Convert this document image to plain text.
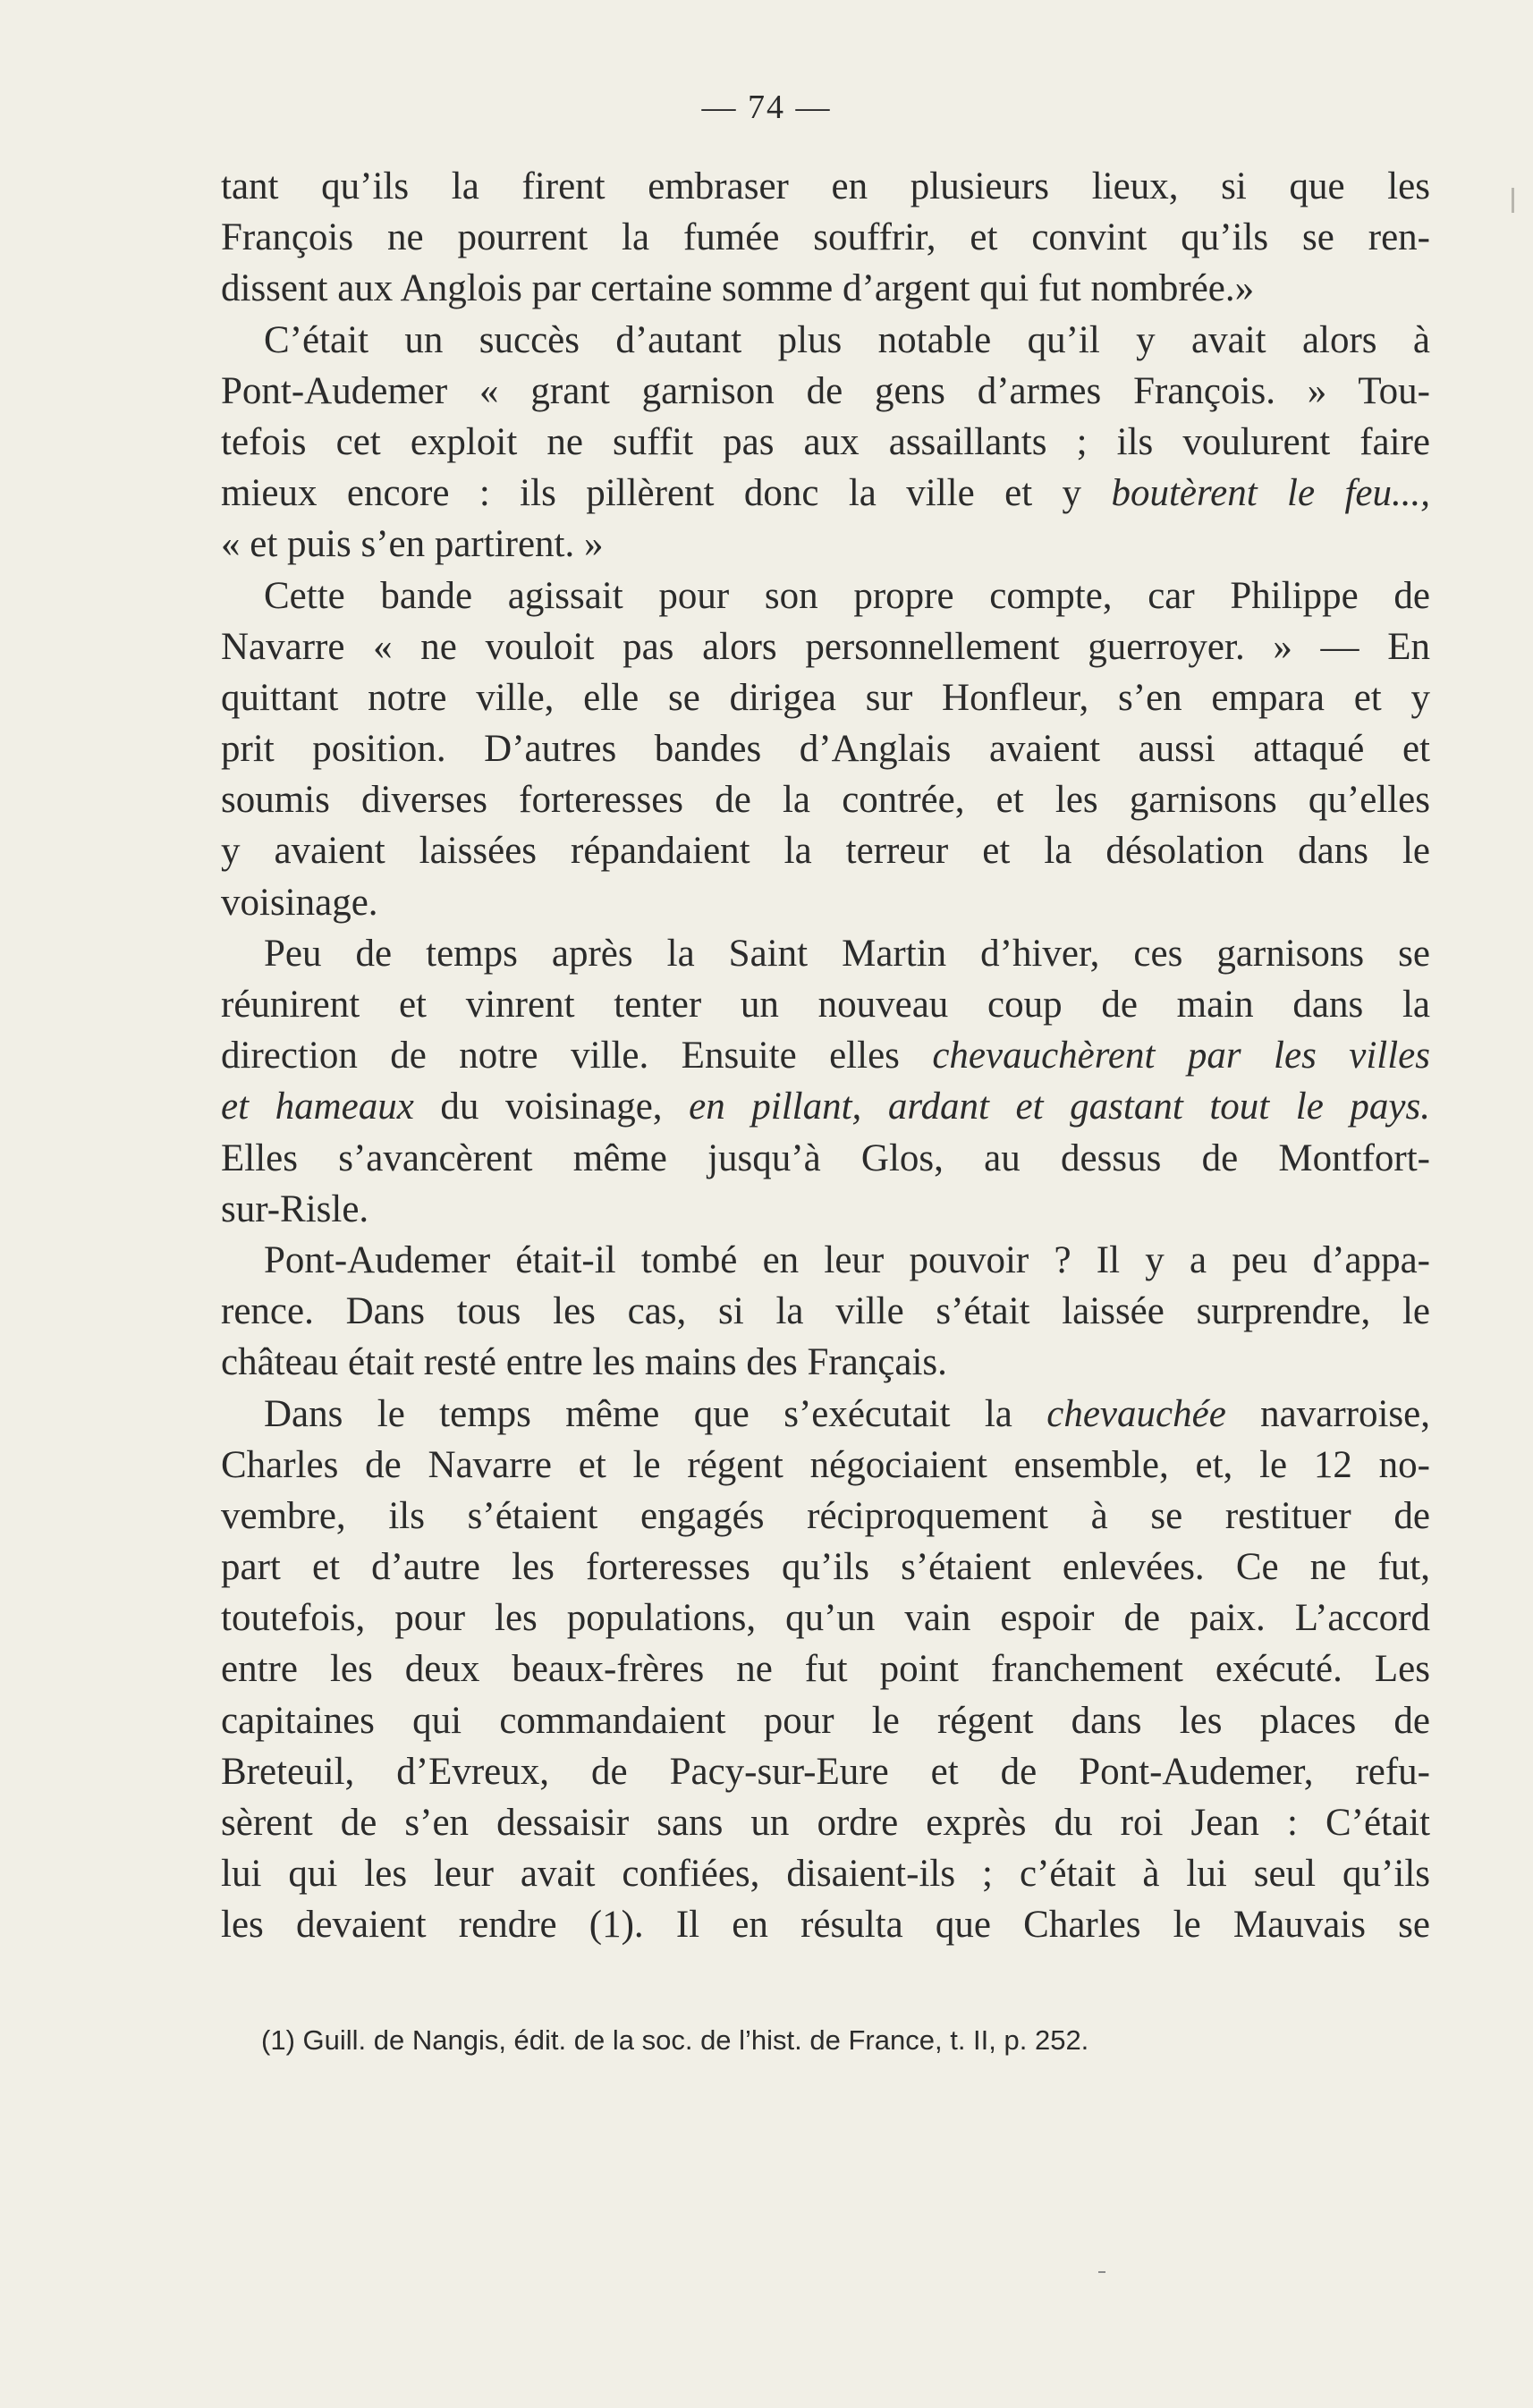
— 74 —
tant qu’ils la firent embraser en plusieurs lieux, si que les
François ne pourrent la fumée souffrir, et convint qu’ils se ren-
dissent aux Anglois par certaine somme d’argent qui fut nombrée.»
C’était un succès d’autant plus notable qu’il y avait alors à
Pont-Audemer « grant garnison de gens d’armes François. » Tou-
tefois cet exploit ne suffit pas aux assaillants ; ils voulurent faire
mieux encore : ils pillèrent donc la ville et y boutèrent le feu...,
« et puis s’en partirent. »
Cette bande agissait pour son propre compte, car Philippe de
Navarre « ne vouloit pas alors personnellement guerroyer. » — En
quittant notre ville, elle se dirigea sur Honfleur, s’en empara et y
prit position. D’autres bandes d’Anglais avaient aussi attaqué et
soumis diverses forteresses de la contrée, et les garnisons qu’elles
y avaient laissées répandaient la terreur et la désolation dans le
voisinage.
Peu de temps après la Saint Martin d’hiver, ces garnisons se
réunirent et vinrent tenter un nouveau coup de main dans la
direction de notre ville. Ensuite elles chevauchèrent par les villes
et hameaux du voisinage, en pillant, ardant et gastant tout le pays.
Elles s’avancèrent même jusqu’à Glos, au dessus de Montfort-
sur-Risle.
Pont-Audemer était-il tombé en leur pouvoir ? Il y a peu d’appa-
rence. Dans tous les cas, si la ville s’était laissée surprendre, le
château était resté entre les mains des Français.
Dans le temps même que s’exécutait la chevauchée navarroise,
Charles de Navarre et le régent négociaient ensemble, et, le 12 no-
vembre, ils s’étaient engagés réciproquement à se restituer de
part et d’autre les forteresses qu’ils s’étaient enlevées. Ce ne fut,
toutefois, pour les populations, qu’un vain espoir de paix. L’accord
entre les deux beaux-frères ne fut point franchement exécuté. Les
capitaines qui commandaient pour le régent dans les places de
Breteuil, d’Evreux, de Pacy-sur-Eure et de Pont-Audemer, refu-
sèrent de s’en dessaisir sans un ordre exprès du roi Jean : C’était
lui qui les leur avait confiées, disaient-ils ; c’était à lui seul qu’ils
les devaient rendre (1). Il en résulta que Charles le Mauvais se
(1) Guill. de Nangis, édit. de la soc. de l’hist. de France, t. II, p. 252.
